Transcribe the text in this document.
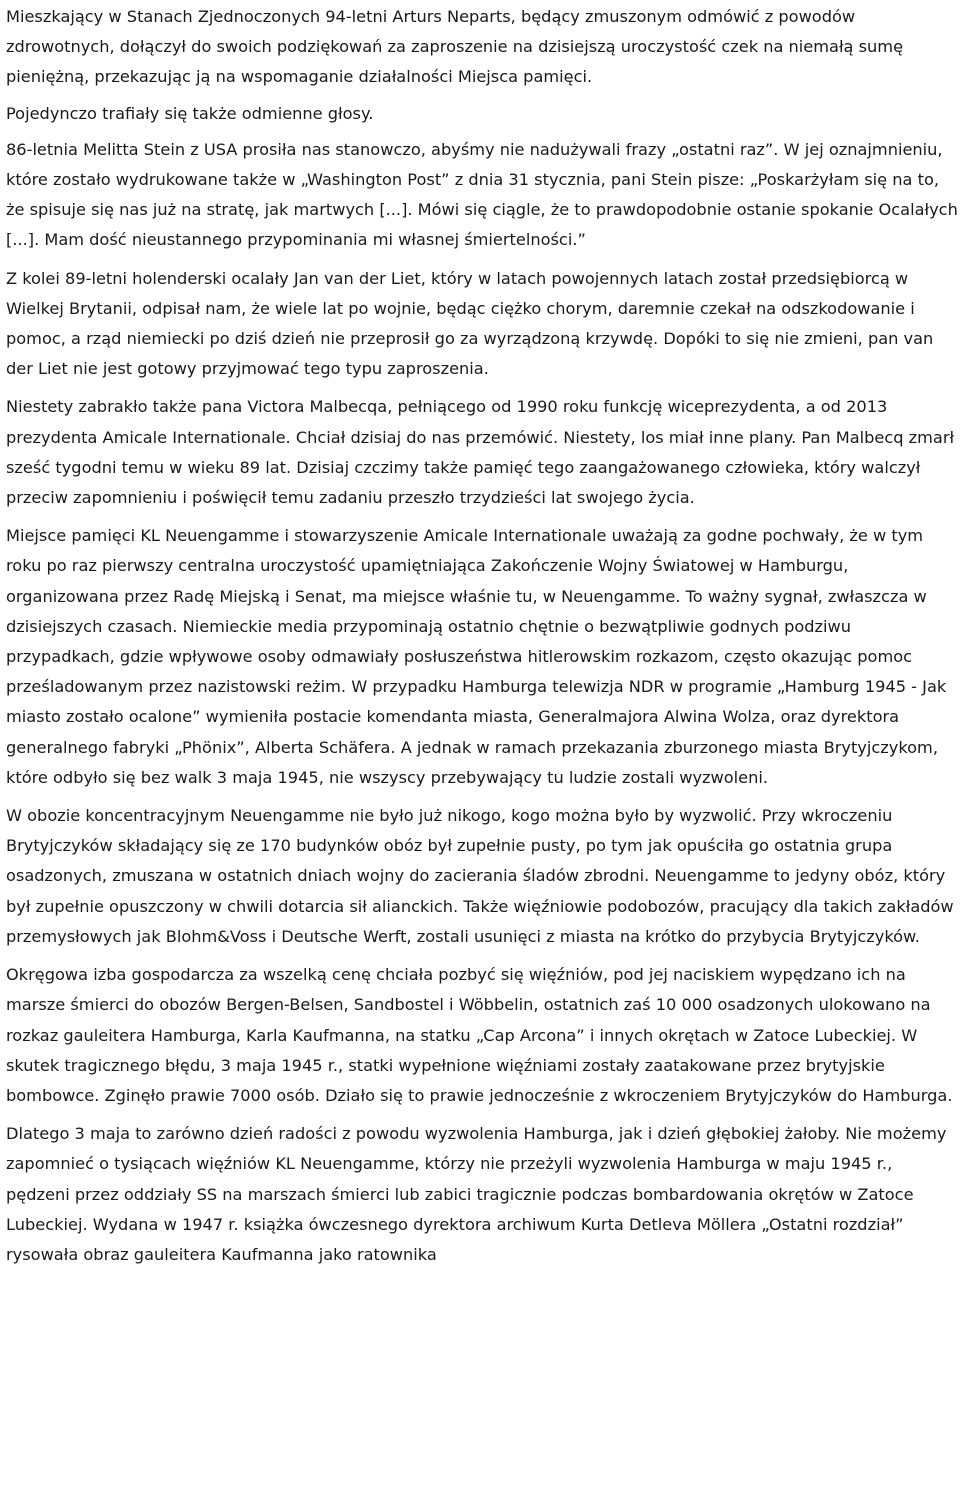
Mieszkający w Stanach Zjednoczonych 94-letni Arturs Neparts, będący zmuszonym odmówić z powodów zdrowotnych, dołączył do swoich podziękowań za zaproszenie na dzisiejszą uroczystość czek na niemałą sumę pieniężną, przekazując ją na wspomaganie działalności Miejsca pamięci.

Pojedynczo trafiały się także odmienne głosy.

86-letnia Melitta Stein z USA prosiła nas stanowczo, abyśmy nie nadużywali frazy „ostatni raz”. W jej oznajmnieniu, które zostało wydrukowane także w „Washington Post” z dnia 31 stycznia, pani Stein pisze: „Poskarżyłam się na to, że spisuje się nas już na stratę, jak martwych [...]. Mówi się ciągle, że to prawdopodobnie ostanie spokanie Ocalałych [...]. Mam dość nieustannego przypominania mi własnej śmiertelności.”

Z kolei 89-letni holenderski ocalały Jan van der Liet, który w latach powojennych latach został przedsiębiorcą w Wielkej Brytanii, odpisał nam, że wiele lat po wojnie, będąc ciężko chorym, daremnie czekał na odszkodowanie i pomoc, a rząd niemiecki po dziś dzień nie przeprosił go za wyrządzoną krzywdę. Dopóki to się nie zmieni, pan van der Liet nie jest gotowy przyjmować tego typu zaproszenia.

Niestety zabrakło także pana Victora Malbecqa, pełniącego od 1990 roku funkcję wiceprezydenta, a od 2013 prezydenta Amicale Internationale. Chciał dzisiaj do nas przemówić. Niestety, los miał inne plany. Pan Malbecq zmarł sześć tygodni temu w wieku 89 lat. Dzisiaj czczimy także pamięć tego zaangażowanego człowieka, który walczył przeciw zapomnieniu i poświęcił temu zadaniu przeszło trzydzieści lat swojego życia.

Miejsce pamięci KL Neuengamme i stowarzyszenie Amicale Internationale uważają za godne pochwały, że w tym roku po raz pierwszy centralna uroczystość upamiętniająca Zakończenie Wojny Światowej w Hamburgu, organizowana przez Radę Miejską i Senat, ma miejsce właśnie tu, w Neuengamme. To ważny sygnał, zwłaszcza w dzisiejszych czasach. Niemieckie media przypominają ostatnio chętnie o bezwątpliwie godnych podziwu przypadkach, gdzie wpływowe osoby odmawiały posłuszeństwa hitlerowskim rozkazom, często okazując pomoc prześladowanym przez nazistowski reżim. W przypadku Hamburga telewizja NDR w programie „Hamburg 1945 - Jak miasto zostało ocalone” wymieniła postacie komendanta miasta, Generalmajora Alwina Wolza, oraz dyrektora generalnego fabryki „Phönix”, Alberta Schäfera. A jednak w ramach przekazania zburzonego miasta Brytyjczykom, które odbyło się bez walk 3 maja 1945, nie wszyscy przebywający tu ludzie zostali wyzwoleni.

W obozie koncentracyjnym Neuengamme nie było już nikogo, kogo można było by wyzwolić. Przy wkroczeniu Brytyjczyków składający się ze 170 budynków obóz był zupełnie pusty, po tym jak opuściła go ostatnia grupa osadzonych, zmuszana w ostatnich dniach wojny do zacierania śladów zbrodni. Neuengamme to jedyny obóz, który był zupełnie opuszczony w chwili dotarcia sił alianckich. Także więźniowie podobozów, pracujący dla takich zakładów przemysłowych jak Blohm&Voss i Deutsche Werft, zostali usunięci z miasta na krótko do przybycia Brytyjczyków.

Okręgowa izba gospodarcza za wszelką cenę chciała pozbyć się więźniów, pod jej naciskiem wypędzano ich na marsze śmierci do obozów Bergen-Belsen, Sandbostel i Wöbbelin, ostatnich zaś 10 000 osadzonych ulokowano na rozkaz gauleitera Hamburga, Karla Kaufmanna, na statku „Cap Arcona” i innych okrętach w Zatoce Lubeckiej. W skutek tragicznego błędu, 3 maja 1945 r., statki wypełnione więźniami zostały zaatakowane przez brytyjskie bombowce. Zginęło prawie 7000 osób. Działo się to prawie jednocześnie z wkroczeniem Brytyjczyków do Hamburga.

Dlatego 3 maja to zarówno dzień radości z powodu wyzwolenia Hamburga, jak i dzień głębokiej żałoby. Nie możemy zapomnieć o tysiącach więźniów KL Neuengamme, którzy nie przeżyli wyzwolenia Hamburga w maju 1945 r., pędzeni przez oddziały SS na marszach śmierci lub zabici tragicznie podczas bombardowania okrętów w Zatoce Lubeckiej. Wydana w 1947 r. książka ówczesnego dyrektora archiwum Kurta Detleva Möllera „Ostatni rozdział” rysowała obraz gauleitera Kaufmanna jako ratownika
